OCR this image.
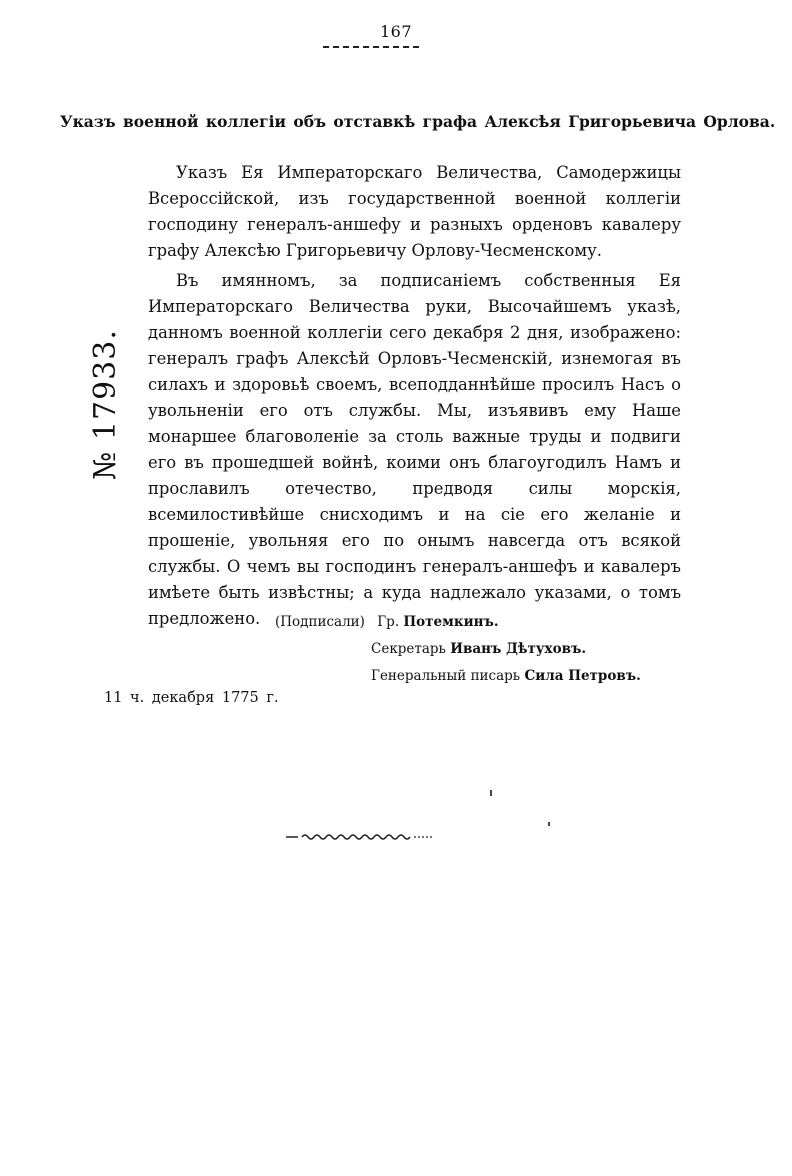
167
Указъ военной коллегіи объ отставкѣ графа Алексѣя Григорьевича Орлова.
№ 17933.

Указъ Ея Императорскаго Величества, Самодержицы Всероссійской, изъ государственной военной коллегіи господину генералъ-аншефу и разныхъ орденовъ кавалеру графу Алексѣю Григорьевичу Орлову-Чесменскому.

Въ имянномъ, за подписаніемъ собственныя Ея Императорскаго Величества руки, Высочайшемъ указѣ, данномъ военной коллегіи сего декабря 2 дня, изображено: генералъ графъ Алексѣй Орловъ-Чесменскій, изнемогая въ силахъ и здоровьѣ своемъ, всеподданнѣйше просилъ Насъ о увольненіи его отъ службы. Мы, изъявивъ ему Наше монаршее благоволеніе за столь важные труды и подвиги его въ прошедшей войнѣ, коими онъ благоугодилъ Намъ и прославилъ отечество, предводя силы морскія, всемилостивѣйше снисходимъ и на сіе его желаніе и прошеніе, увольняя его по онымъ навсегда отъ всякой службы. О чемъ вы господинъ генералъ-аншефъ и кавалеръ имѣете быть извѣстны; а куда надлежало указами, о томъ предложено.	(Подписали) Гр. Потемкинъ.
Секретарь Иванъ Дѣтуховъ.
Генеральный писарь Сила Петровъ.
11 ч. декабря 1775 г.
